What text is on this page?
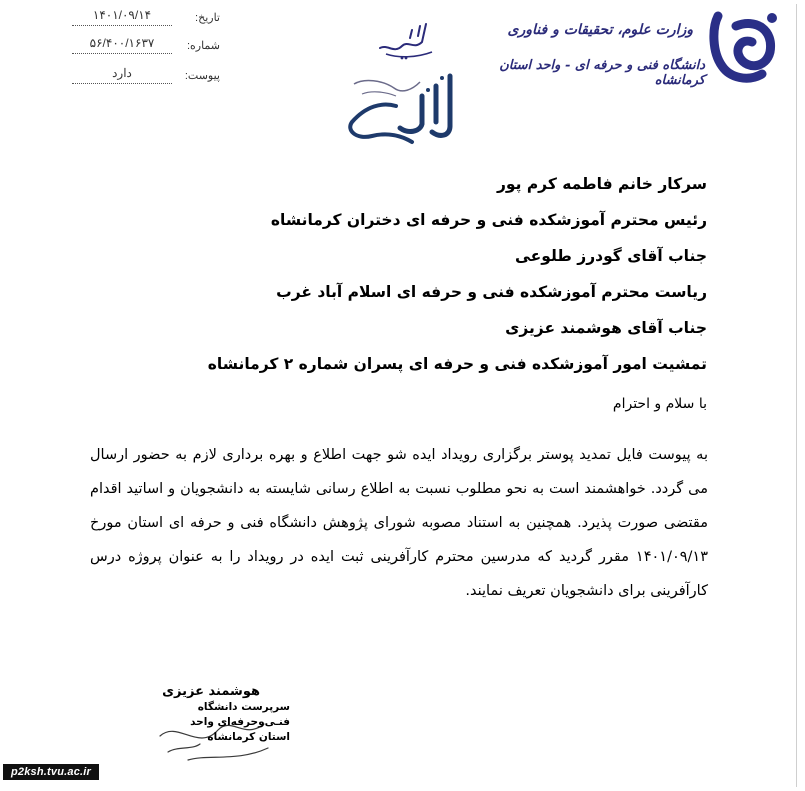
وزارت علوم، تحقیقات و فناوری
دانشگاه فنی و حرفه ای - واحد استان کرمانشاه
تاریخ:
۱۴۰۱/۰۹/۱۴
شماره:
۵۶/۴۰۰/۱۶۳۷
پیوست:
دارد
سرکار خانم فاطمه کرم پور
رئیس محترم آموزشکده فنی و حرفه ای دختران کرمانشاه
جناب آقای گودرز طلوعی
ریاست محترم آموزشکده فنی و حرفه ای اسلام آباد غرب
جناب آقای هوشمند عزیزی
تمشیت امور آموزشکده فنی و حرفه ای پسران شماره ۲ کرمانشاه
با سلام و احترام
به پیوست فایل تمدید پوستر برگزاری رویداد ایده شو جهت اطلاع و بهره برداری لازم به حضور ارسال می گردد. خواهشمند است به نحو مطلوب نسبت به اطلاع رسانی شایسته به دانشجویان و اساتید اقدام مقتضی صورت پذیرد. همچنین به استناد مصوبه شورای پژوهش دانشگاه فنی و حرفه ای استان مورخ ۱۴۰۱/۰۹/۱۳ مقرر گردید که مدرسین محترم کارآفرینی ثبت ایده در رویداد را به عنوان پروژه درس کارآفرینی برای دانشجویان تعریف نمایند.
هوشمند عزیزی
سرپرست دانشگاه فنـی‌وحرفه‌ای واحد
استان کرمانشاه
p2ksh.tvu.ac.ir
